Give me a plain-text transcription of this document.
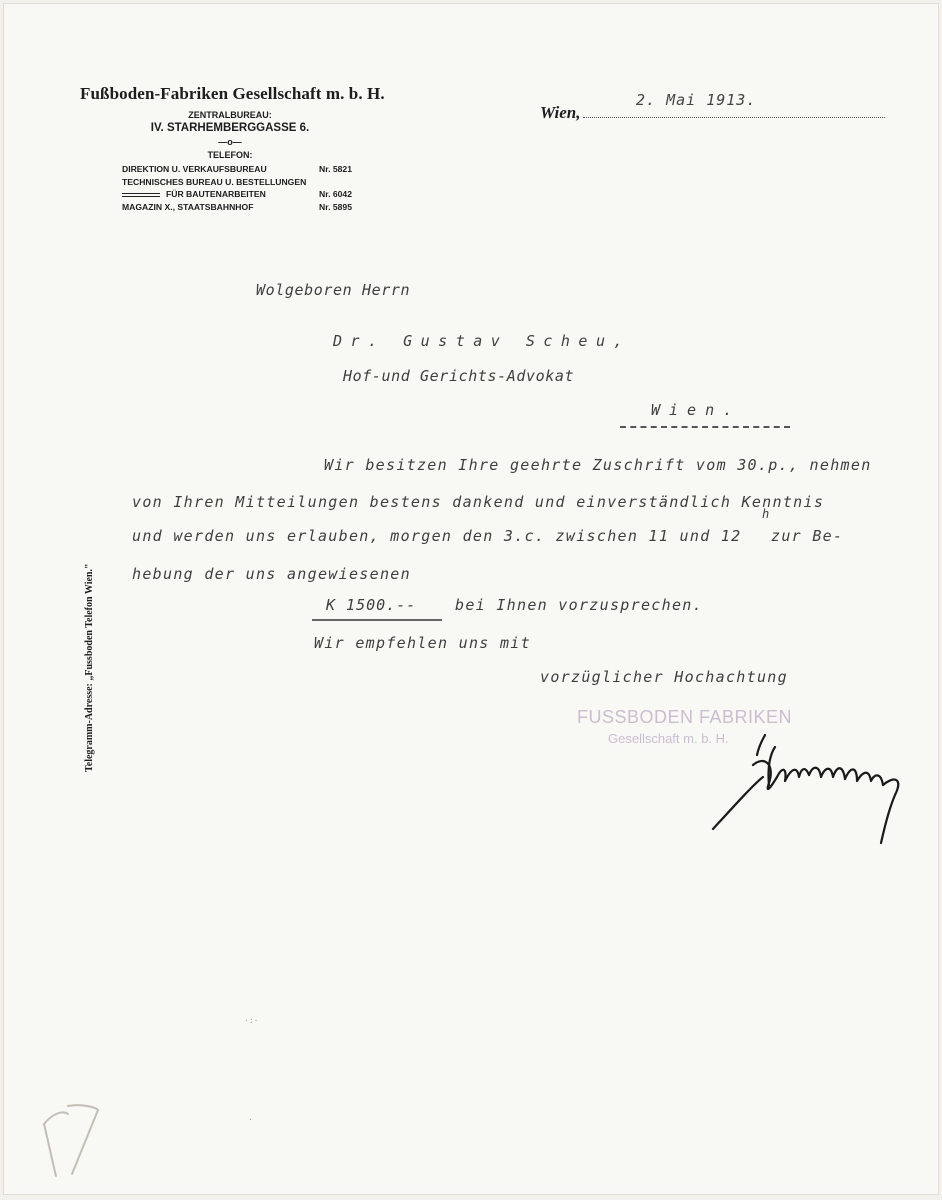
Fußboden-Fabriken Gesellschaft m. b. H.
ZENTRALBUREAU:
IV. STARHEMBERGGASSE 6.
—o—
TELEFON:
DIREKTION U. VERKAUFSBUREAU	Nr. 5821
TECHNISCHES BUREAU U. BESTELLUNGEN
FÜR BAUTENARBEITEN	Nr. 6042
MAGAZIN X., STAATSBAHNHOF	Nr. 5895
Wien,
2. Mai 1913.
Wolgeboren Herrn
Dr. Gustav Scheu,
Hof-und Gerichts-Advokat
Wien.
Wir besitzen Ihre geehrte Zuschrift vom 30.p., nehmen
von Ihren Mitteilungen bestens dankend und einverständlich Kenntnis
und werden uns erlauben, morgen den 3.c. zwischen 11 und 12
h
zur Be-
hebung der uns angewiesenen
K 1500.--	bei Ihnen vorzusprechen.
Wir empfehlen uns mit
vorzüglicher Hochachtung
FUSSBODEN FABRIKEN
Gesellschaft m. b. H.
Telegramm-Adresse: „Fussboden Telefon Wien."
·:·
·
